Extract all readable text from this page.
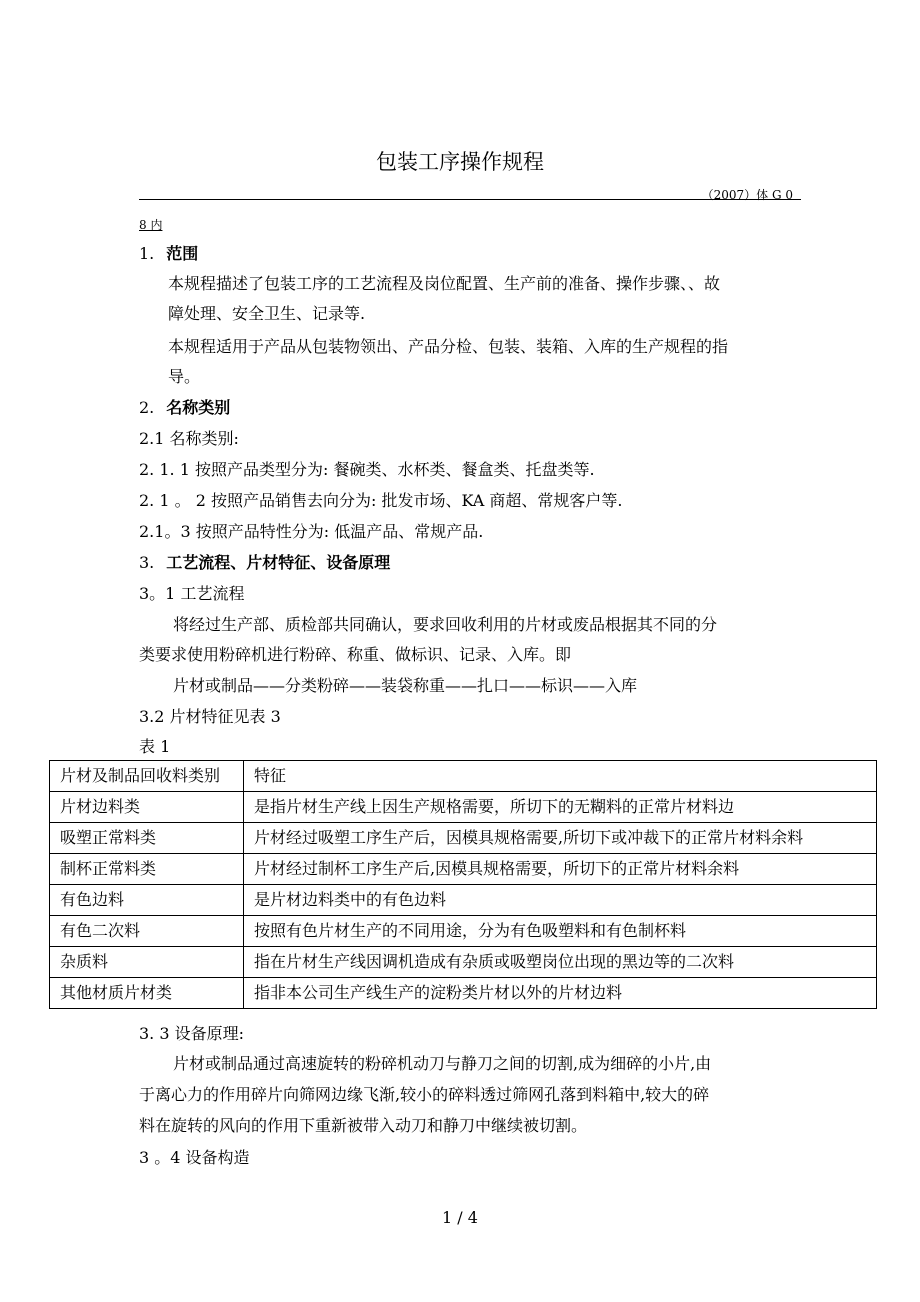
包装工序操作规程
（2007）体 G 0
8 内
1. 范围
本规程描述了包装工序的工艺流程及岗位配置、生产前的准备、操作步骤、、故
障处理、安全卫生、记录等.
本规程适用于产品从包装物领出、产品分检、包装、装箱、入库的生产规程的指
导。
2. 名称类别
2.1 名称类别:
2. 1. 1 按照产品类型分为: 餐碗类、水杯类、餐盒类、托盘类等.
2. 1 。 2 按照产品销售去向分为: 批发市场、KA 商超、常规客户等.
2.1。3 按照产品特性分为: 低温产品、常规产品.
3. 工艺流程、片材特征、设备原理
3。1 工艺流程
将经过生产部、质检部共同确认，要求回收利用的片材或废品根据其不同的分
类要求使用粉碎机进行粉碎、称重、做标识、记录、入库。即
片材或制品——分类粉碎——装袋称重——扎口——标识——入库
3.2 片材特征见表 3
表 1
片材及制品回收料类别	特征
片材边料类	是指片材生产线上因生产规格需要，所切下的无糊料的正常片材料边
吸塑正常料类	片材经过吸塑工序生产后，因模具规格需要,所切下或冲裁下的正常片材料余料
制杯正常料类	片材经过制杯工序生产后,因模具规格需要，所切下的正常片材料余料
有色边料	是片材边料类中的有色边料
有色二次料	按照有色片材生产的不同用途，分为有色吸塑料和有色制杯料
杂质料	指在片材生产线因调机造成有杂质或吸塑岗位出现的黑边等的二次料
其他材质片材类	指非本公司生产线生产的淀粉类片材以外的片材边料
3. 3 设备原理:
片材或制品通过高速旋转的粉碎机动刀与静刀之间的切割,成为细碎的小片,由
于离心力的作用碎片向筛网边缘飞渐,较小的碎料透过筛网孔落到料箱中,较大的碎
料在旋转的风向的作用下重新被带入动刀和静刀中继续被切割。
3 。4 设备构造
1 / 4
